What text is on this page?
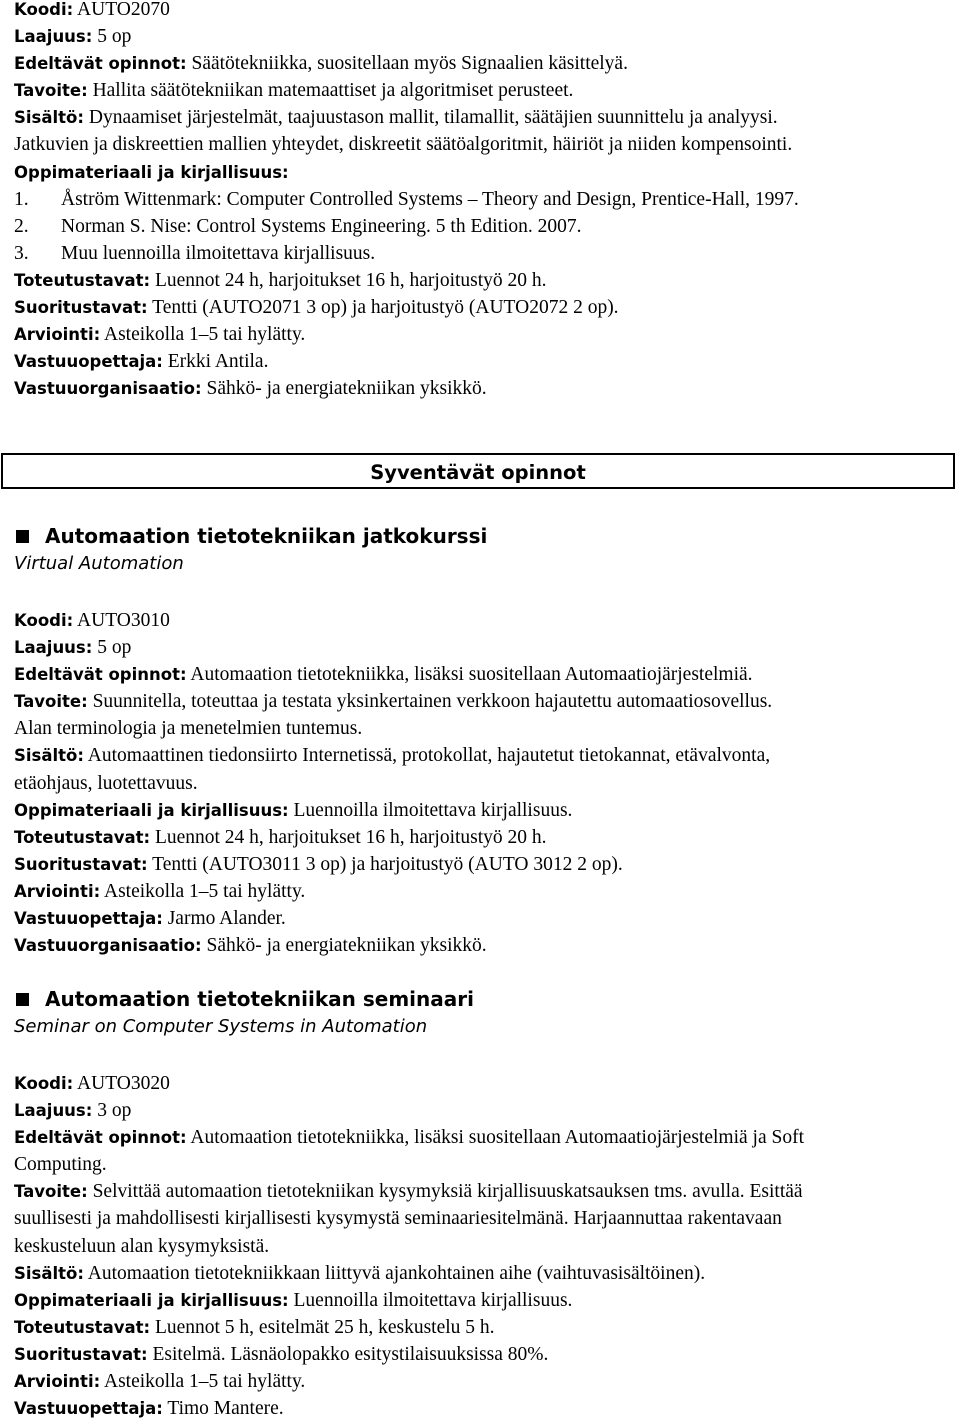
Koodi: AUTO2070
Laajuus: 5 op
Edeltävät opinnot: Säätötekniikka, suositellaan myös Signaalien käsittelyä.
Tavoite: Hallita säätötekniikan matemaattiset ja algoritmiset perusteet.
Sisältö: Dynaamiset järjestelmät, taajuustason mallit, tilamallit, säätäjien suunnittelu ja analyysi.
Jatkuvien ja diskreettien mallien yhteydet, diskreetit säätöalgoritmit, häiriöt ja niiden kompensointi.
Oppimateriaali ja kirjallisuus:
1. Åström Wittenmark: Computer Controlled Systems – Theory and Design, Prentice-Hall, 1997.
2. Norman S. Nise: Control Systems Engineering. 5 th Edition. 2007.
3. Muu luennoilla ilmoitettava kirjallisuus.
Toteutustavat: Luennot 24 h, harjoitukset 16 h, harjoitustyö 20 h.
Suoritustavat: Tentti (AUTO2071 3 op) ja harjoitustyö (AUTO2072 2 op).
Arviointi: Asteikolla 1–5 tai hylätty.
Vastuuopettaja: Erkki Antila.
Vastuuorganisaatio: Sähkö- ja energiatekniikan yksikkö.
Syventävät opinnot
Automaation tietotekniikan jatkokurssi
Virtual Automation
Koodi: AUTO3010
Laajuus: 5 op
Edeltävät opinnot: Automaation tietotekniikka, lisäksi suositellaan Automaatiojärjestelmiä.
Tavoite: Suunnitella, toteuttaa ja testata yksinkertainen verkkoon hajautettu automaatiosovellus.
Alan terminologia ja menetelmien tuntemus.
Sisältö: Automaattinen tiedonsiirto Internetissä, protokollat, hajautetut tietokannat, etävalvonta,
etäohjaus, luotettavuus.
Oppimateriaali ja kirjallisuus: Luennoilla ilmoitettava kirjallisuus.
Toteutustavat: Luennot 24 h, harjoitukset 16 h, harjoitustyö 20 h.
Suoritustavat: Tentti (AUTO3011 3 op) ja harjoitustyö (AUTO 3012 2 op).
Arviointi: Asteikolla 1–5 tai hylätty.
Vastuuopettaja: Jarmo Alander.
Vastuuorganisaatio: Sähkö- ja energiatekniikan yksikkö.
Automaation tietotekniikan seminaari
Seminar on Computer Systems in Automation
Koodi: AUTO3020
Laajuus: 3 op
Edeltävät opinnot: Automaation tietotekniikka, lisäksi suositellaan Automaatiojärjestelmiä ja Soft
Computing.
Tavoite: Selvittää automaation tietotekniikan kysymyksiä kirjallisuuskatsauksen tms. avulla. Esittää
suullisesti ja mahdollisesti kirjallisesti kysymystä seminaariesitelmänä. Harjaannuttaa rakentavaan
keskusteluun alan kysymyksistä.
Sisältö: Automaation tietotekniikkaan liittyvä ajankohtainen aihe (vaihtuvasisältöinen).
Oppimateriaali ja kirjallisuus: Luennoilla ilmoitettava kirjallisuus.
Toteutustavat: Luennot 5 h, esitelmät 25 h, keskustelu 5 h.
Suoritustavat: Esitelmä. Läsnäolopakko esitystilaisuuksissa 80%.
Arviointi: Asteikolla 1–5 tai hylätty.
Vastuuopettaja: Timo Mantere.
